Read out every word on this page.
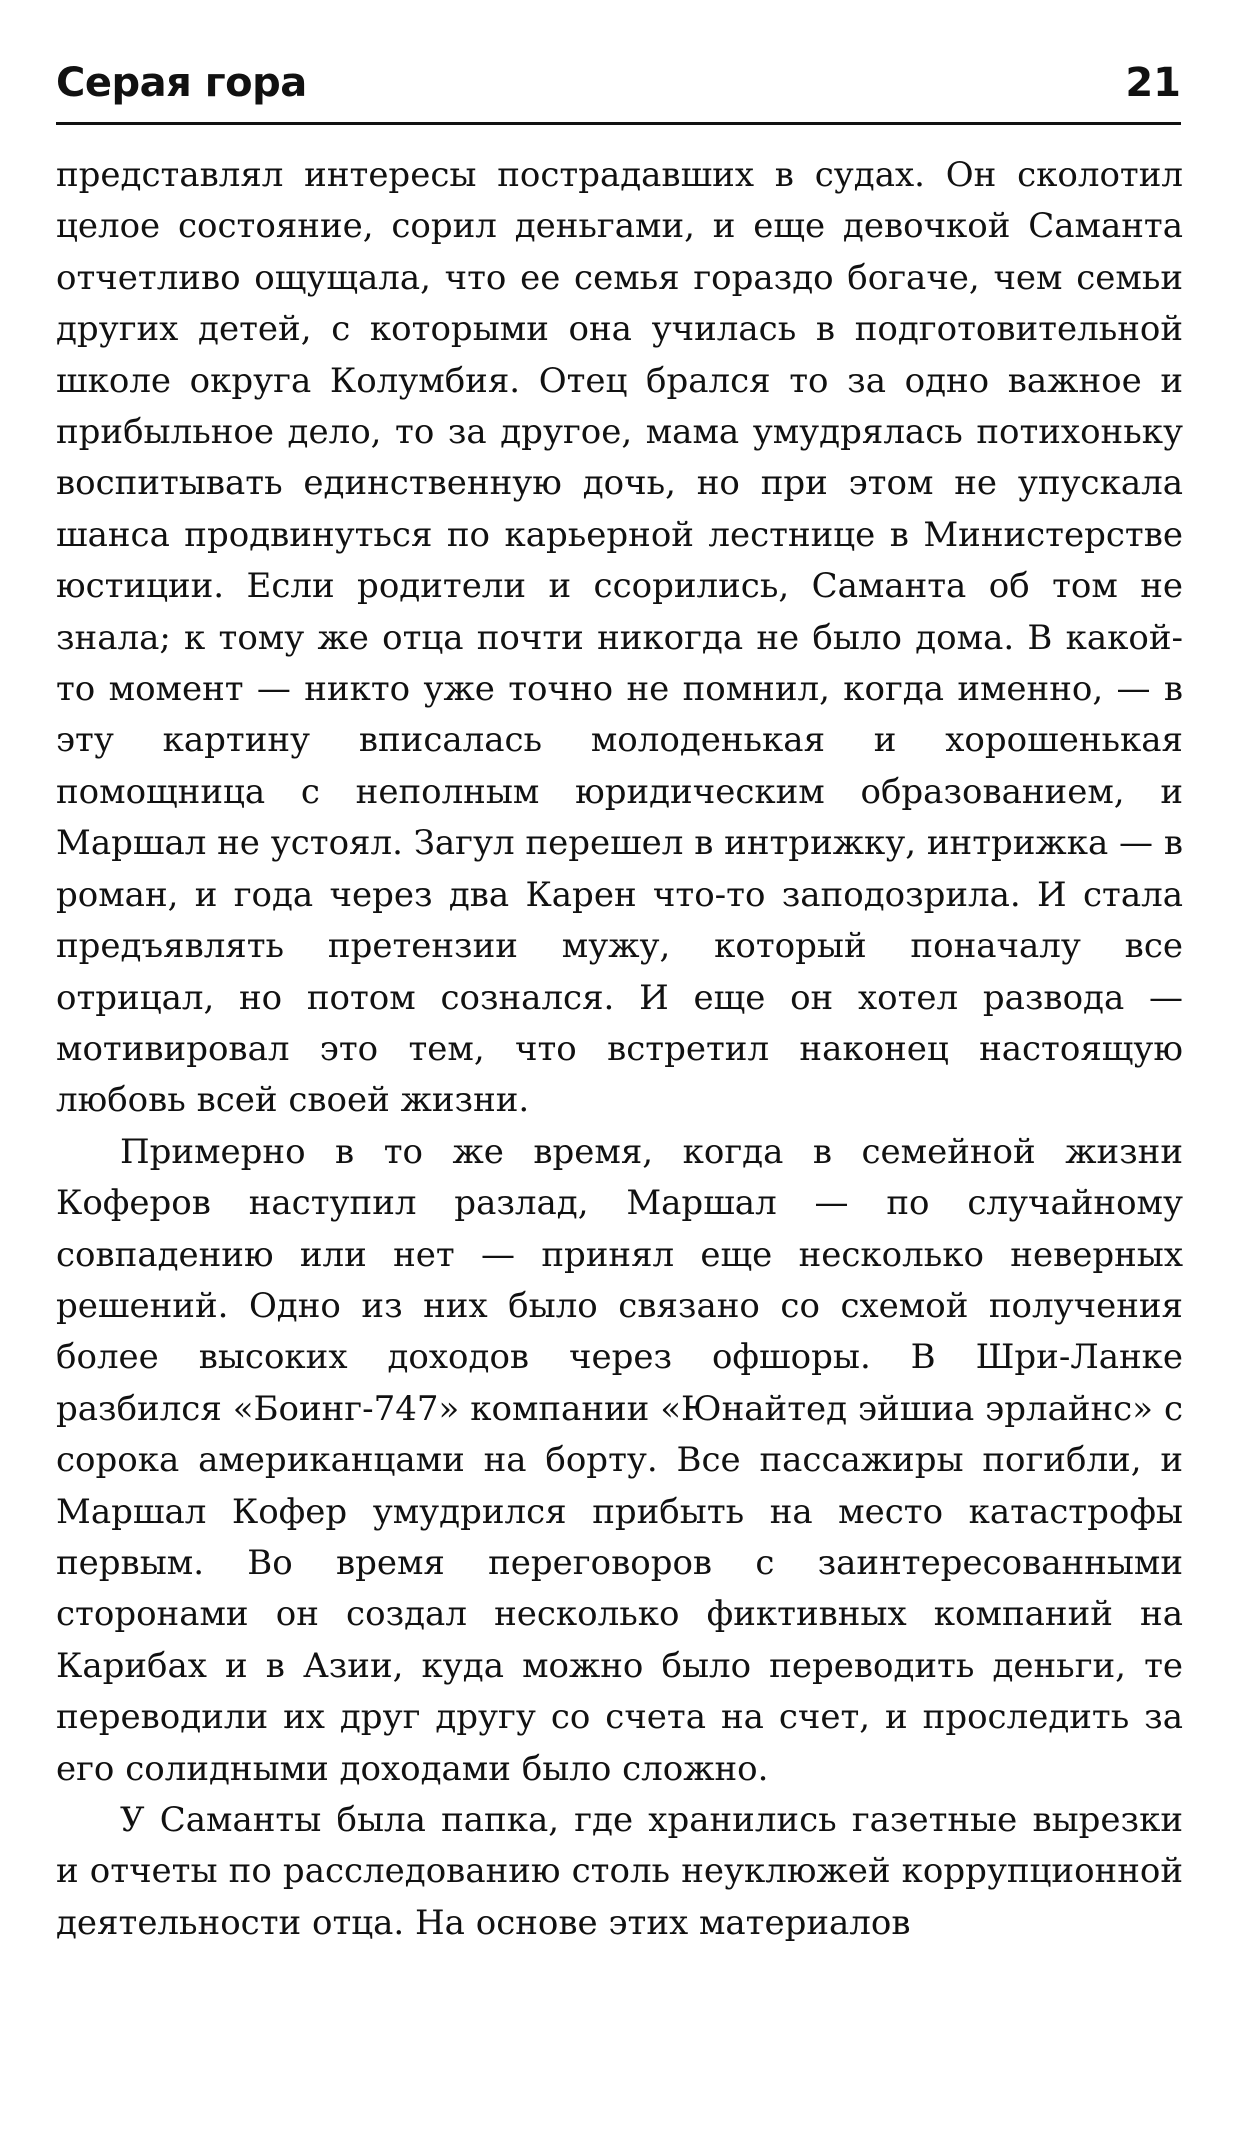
Серая гора	21

представлял интересы пострадавших в судах. Он сколотил целое состояние, сорил деньгами, и еще девочкой Саманта отчетливо ощущала, что ее семья гораздо богаче, чем семьи других детей, с которыми она училась в подготовительной школе округа Колумбия. Отец брался то за одно важное и прибыльное дело, то за другое, мама умудрялась потихоньку воспитывать единственную дочь, но при этом не упускала шанса продвинуться по карьерной лестнице в Министерстве юстиции. Если родители и ссорились, Саманта об том не знала; к тому же отца почти никогда не было дома. В какой-то момент — никто уже точно не помнил, когда именно, — в эту картину вписалась молоденькая и хорошенькая помощница с неполным юридическим образованием, и Маршал не устоял. Загул перешел в интрижку, интрижка — в роман, и года через два Карен что-то заподозрила. И стала предъявлять претензии мужу, который поначалу все отрицал, но потом сознался. И еще он хотел развода — мотивировал это тем, что встретил наконец настоящую любовь всей своей жизни.

Примерно в то же время, когда в семейной жизни Коферов наступил разлад, Маршал — по случайному совпадению или нет — принял еще несколько неверных решений. Одно из них было связано со схемой получения более высоких доходов через офшоры. В Шри-Ланке разбился «Боинг-747» компании «Юнайтед эйшиа эрлайнс» с сорока американцами на борту. Все пассажиры погибли, и Маршал Кофер умудрился прибыть на место катастрофы первым. Во время переговоров с заинтересованными сторонами он создал несколько фиктивных компаний на Карибах и в Азии, куда можно было переводить деньги, те переводили их друг другу со счета на счет, и проследить за его солидными доходами было сложно.

У Саманты была папка, где хранились газетные вырезки и отчеты по расследованию столь неуклюжей коррупционной деятельности отца. На основе этих материалов
